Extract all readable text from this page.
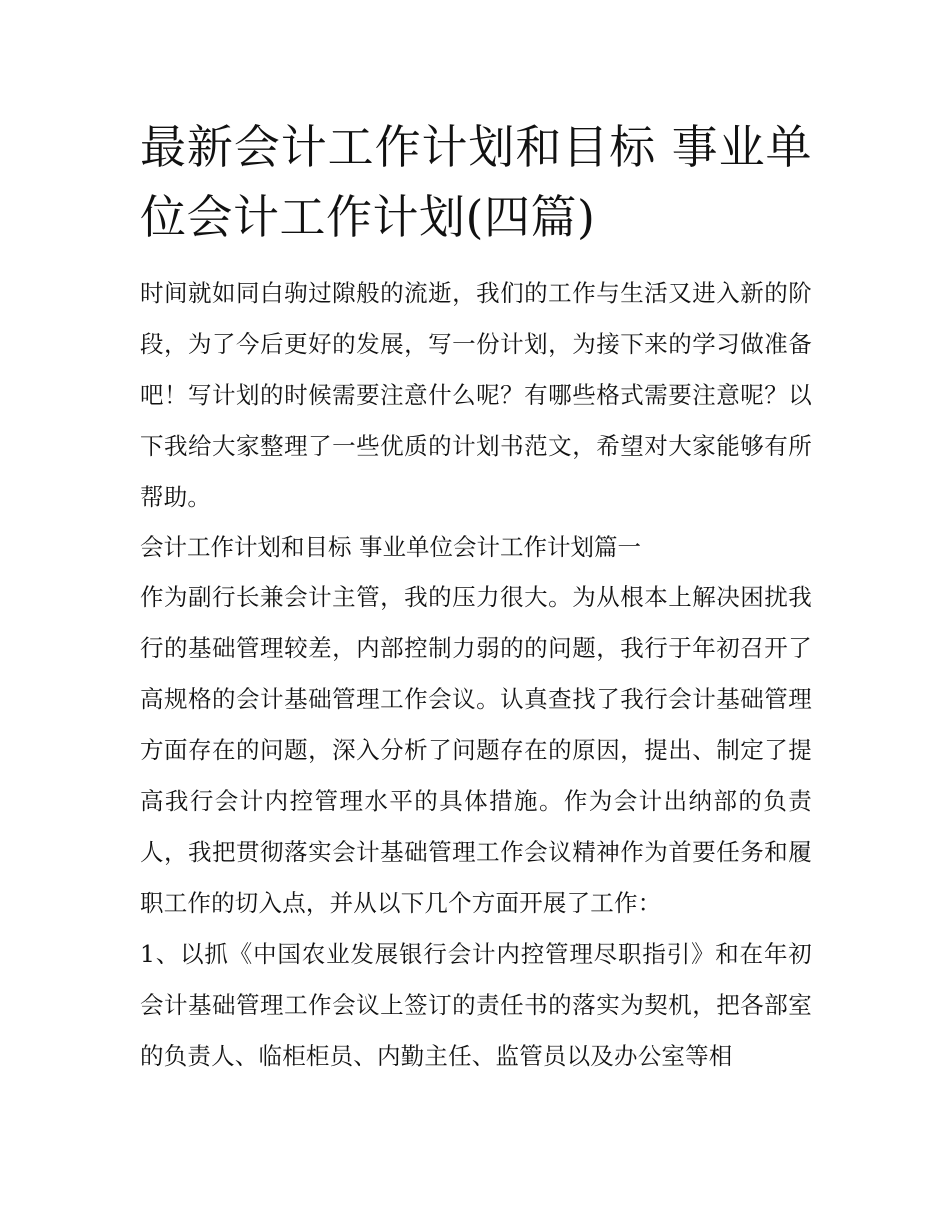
最新会计工作计划和目标 事业单位会计工作计划(四篇)

时间就如同白驹过隙般的流逝，我们的工作与生活又进入新的阶段，为了今后更好的发展，写一份计划，为接下来的学习做准备吧！写计划的时候需要注意什么呢？有哪些格式需要注意呢？以下我给大家整理了一些优质的计划书范文，希望对大家能够有所帮助。

会计工作计划和目标 事业单位会计工作计划篇一

作为副行长兼会计主管，我的压力很大。为从根本上解决困扰我行的基础管理较差，内部控制力弱的的问题，我行于年初召开了高规格的会计基础管理工作会议。认真查找了我行会计基础管理方面存在的问题，深入分析了问题存在的原因，提出、制定了提高我行会计内控管理水平的具体措施。作为会计出纳部的负责人，我把贯彻落实会计基础管理工作会议精神作为首要任务和履职工作的切入点，并从以下几个方面开展了工作：

1、以抓《中国农业发展银行会计内控管理尽职指引》和在年初会计基础管理工作会议上签订的责任书的落实为契机，把各部室的负责人、临柜柜员、内勤主任、监管员以及办公室等相
